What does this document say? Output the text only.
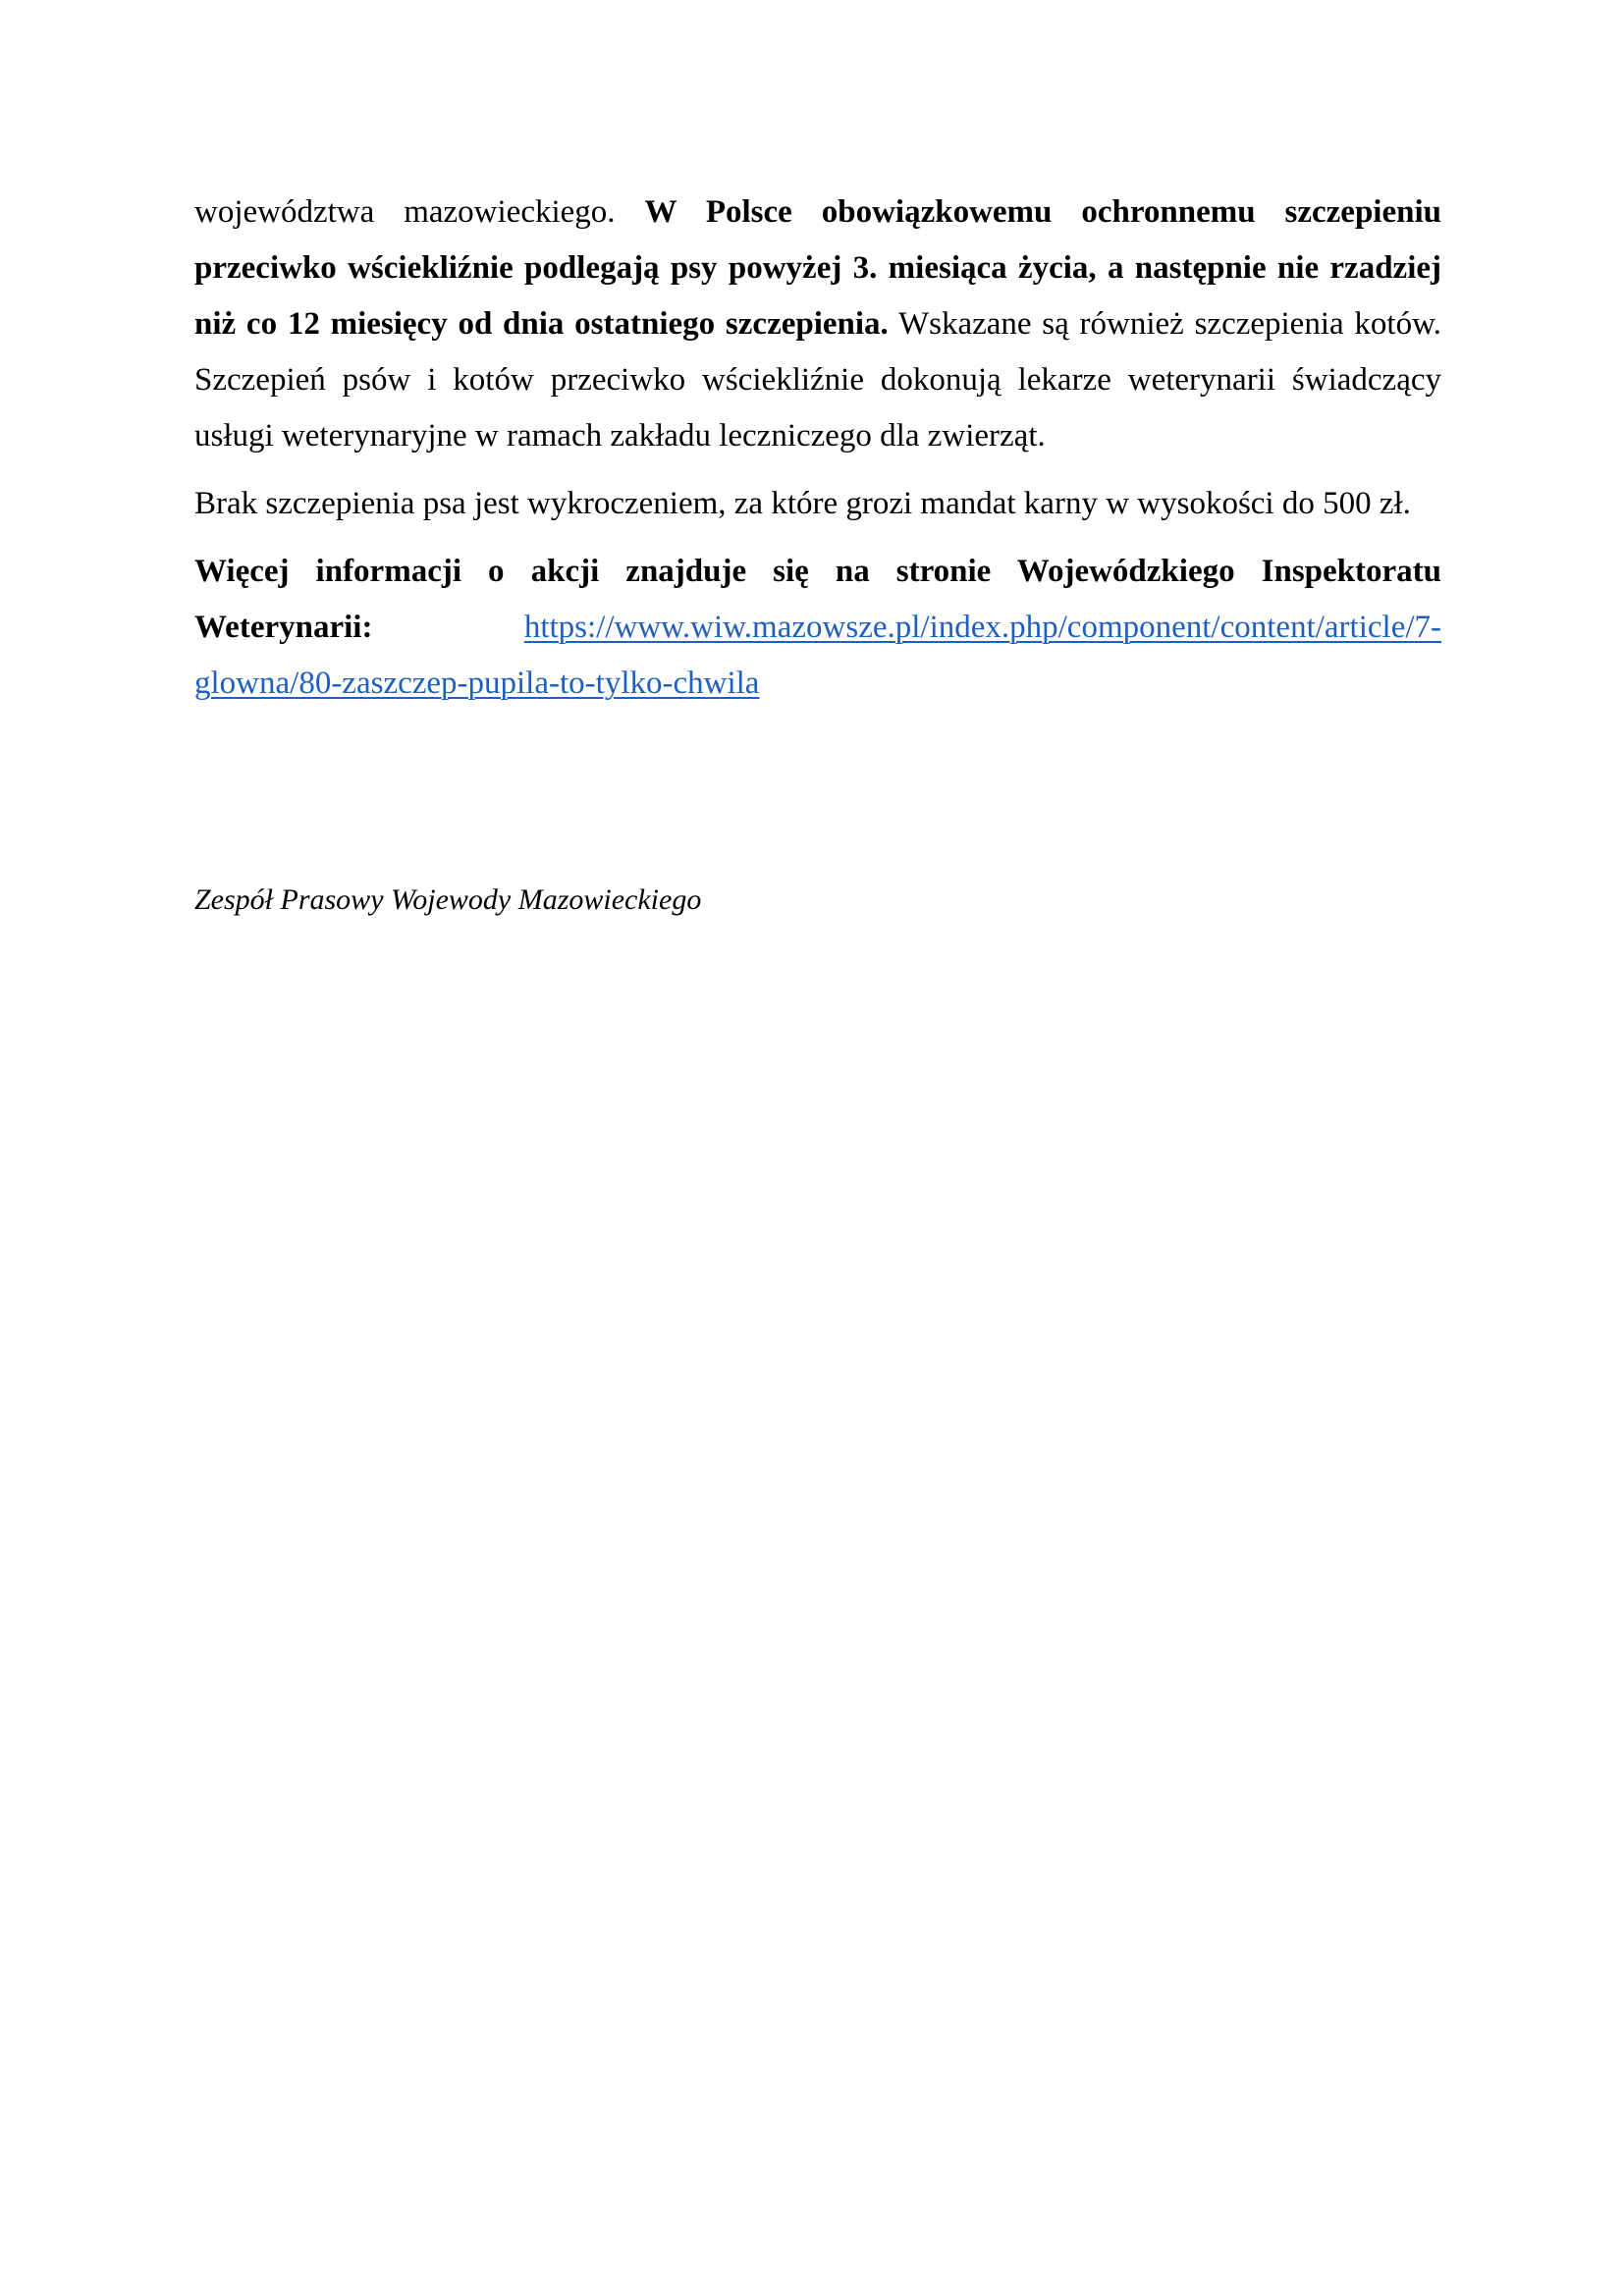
województwa mazowieckiego. W Polsce obowiązkowemu ochronnemu szczepieniu przeciwko wściekliźnie podlegają psy powyżej 3. miesiąca życia, a następnie nie rzadziej niż co 12 miesięcy od dnia ostatniego szczepienia. Wskazane są również szczepienia kotów. Szczepień psów i kotów przeciwko wściekliźnie dokonują lekarze weterynarii świadczący usługi weterynaryjne w ramach zakładu leczniczego dla zwierząt.

Brak szczepienia psa jest wykroczeniem, za które grozi mandat karny w wysokości do 500 zł.

Więcej informacji o akcji znajduje się na stronie Wojewódzkiego Inspektoratu Weterynarii:	https://www.wiw.mazowsze.pl/index.php/component/content/article/7-glowna/80-zaszczep-pupila-to-tylko-chwila

Zespół Prasowy Wojewody Mazowieckiego
